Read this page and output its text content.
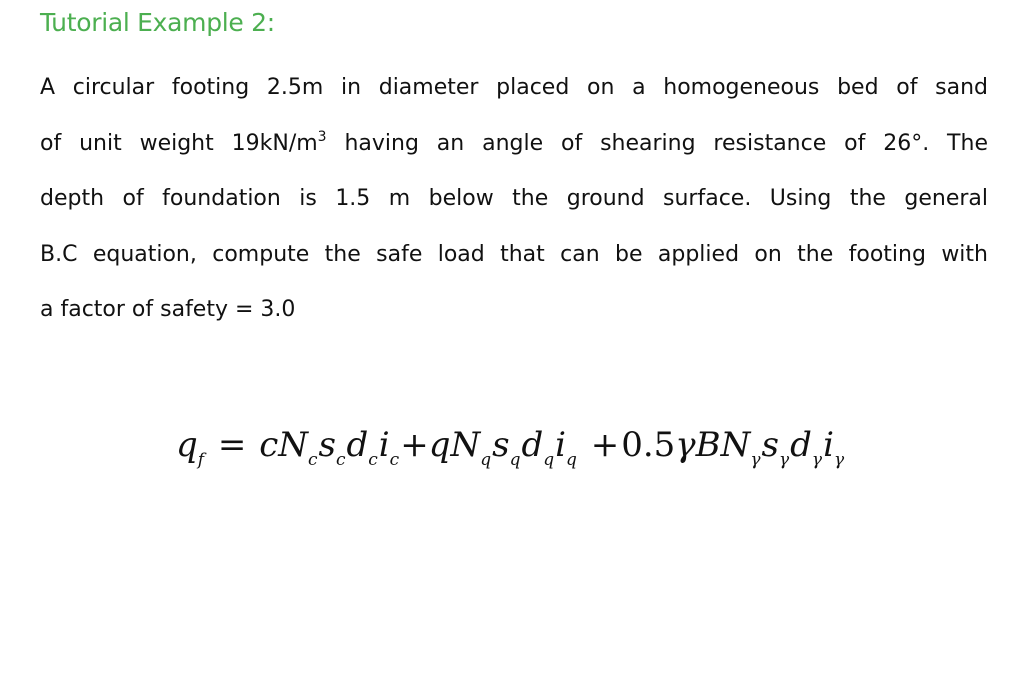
Tutorial Example 2:
A circular footing 2.5m in diameter placed on a homogeneous bed of sand
of unit weight $19kN/m^3$ having an angle of shearing resistance of 26°. The
depth of foundation is 1.5 m below the ground surface. Using the general
B.C equation, compute the safe load that can be applied on the footing with
a factor of safety = 3.0
$q_f = cN_cs_cd_ci_c+qN_qs_qd_qi_q +0.5\gamma BN_\gamma s_\gamma d_\gamma i_\gamma$
